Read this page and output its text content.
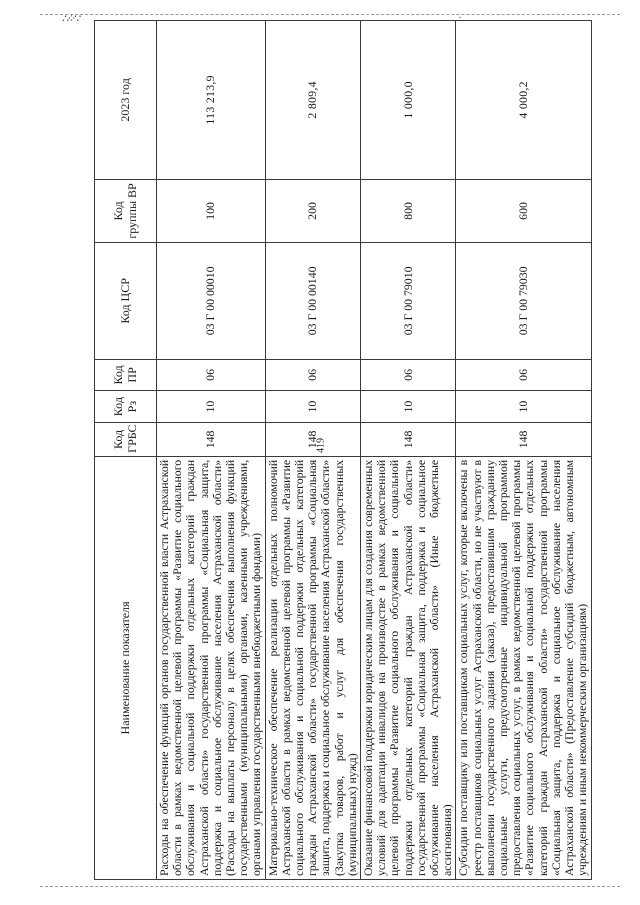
∴⁘∵	·
419
Наименование показателя	Код ГРБС	Код Рз	Код ПР	Код ЦСР	Код группы ВР	2023 год
Расходы на обеспечение функций органов государственной власти Астраханской области в рамках ведомственной целевой программы «Развитие социального обслуживания и социальной поддержки отдельных категорий граждан Астраханской области» государственной программы «Социальная защита, поддержка и социальное обслуживание населения Астраханской области» (Расходы на выплаты персоналу в целях обеспечения выполнения функций государственными (муниципальными) органами, казенными учреждениями, органами управления государственными внебюджетными фондами)	148	10	06	03 Г 00 00010	100	113 213,9
Материально-техническое обеспечение реализации отдельных полномочий Астраханской области в рамках ведомственной целевой программы «Развитие социального обслуживания и социальной поддержки отдельных категорий граждан Астраханской области» государственной программы «Социальная защита, поддержка и социальное обслуживание населения Астраханской области» (Закупка товаров, работ и услуг для обеспечения государственных (муниципальных) нужд)	148	10	06	03 Г 00 00140	200	2 809,4
Оказание финансовой поддержки юридическим лицам для создания современных условий для адаптации инвалидов на производстве в рамках ведомственной целевой программы «Развитие социального обслуживания и социальной поддержки отдельных категорий граждан Астраханской области» государственной программы «Социальная защита, поддержка и социальное обслуживание населения Астраханской области» (Иные бюджетные ассигнования)	148	10	06	03 Г 00 79010	800	1 000,0
Субсидии поставщику или поставщикам социальных услуг, которые включены в реестр поставщиков социальных услуг Астраханской области, но не участвуют в выполнении государственного задания (заказа), предоставившим гражданину социальные услуги, предусмотренные индивидуальной программой предоставления социальных услуг, в рамках ведомственной целевой программы «Развитие социального обслуживания и социальной поддержки отдельных категорий граждан Астраханской области» государственной программы «Социальная защита, поддержка и социальное обслуживание населения Астраханской области» (Предоставление субсидий бюджетным, автономным учреждениям и иным некоммерческим организациям)	148	10	06	03 Г 00 79030	600	4 000,2
